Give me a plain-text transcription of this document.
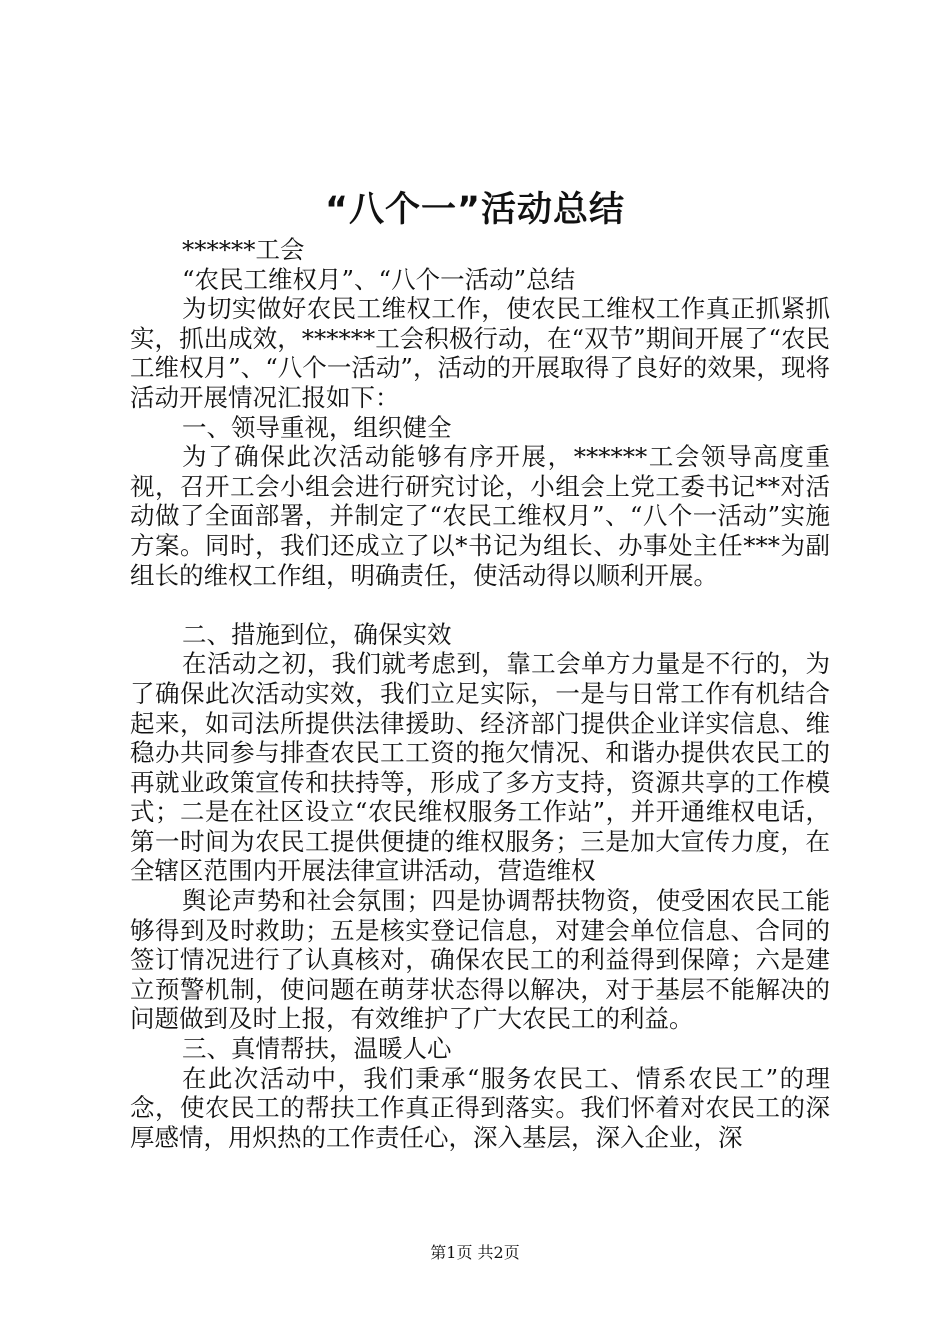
“八个一”活动总结

******工会

“农民工维权月”、“八个一活动”总结

为切实做好农民工维权工作，使农民工维权工作真正抓紧抓实，抓出成效，******工会积极行动，在“双节”期间开展了“农民工维权月”、“八个一活动”，活动的开展取得了良好的效果，现将活动开展情况汇报如下：

一、领导重视，组织健全

为了确保此次活动能够有序开展，******工会领导高度重视，召开工会小组会进行研究讨论，小组会上党工委书记**对活动做了全面部署，并制定了“农民工维权月”、“八个一活动”实施方案。同时，我们还成立了以*书记为组长、办事处主任***为副组长的维权工作组，明确责任，使活动得以顺利开展。

二、措施到位，确保实效

在活动之初，我们就考虑到，靠工会单方力量是不行的，为了确保此次活动实效，我们立足实际，一是与日常工作有机结合起来，如司法所提供法律援助、经济部门提供企业详实信息、维稳办共同参与排查农民工工资的拖欠情况、和谐办提供农民工的再就业政策宣传和扶持等，形成了多方支持，资源共享的工作模式；二是在社区设立“农民维权服务工作站”，并开通维权电话，第一时间为农民工提供便捷的维权服务；三是加大宣传力度，在全辖区范围内开展法律宣讲活动，营造维权

舆论声势和社会氛围；四是协调帮扶物资，使受困农民工能够得到及时救助；五是核实登记信息，对建会单位信息、合同的签订情况进行了认真核对，确保农民工的利益得到保障；六是建立预警机制，使问题在萌芽状态得以解决，对于基层不能解决的问题做到及时上报，有效维护了广大农民工的利益。

三、真情帮扶，温暖人心

在此次活动中，我们秉承“服务农民工、情系农民工”的理念，使农民工的帮扶工作真正得到落实。我们怀着对农民工的深厚感情，用炽热的工作责任心，深入基层，深入企业，深

第1页 共2页
